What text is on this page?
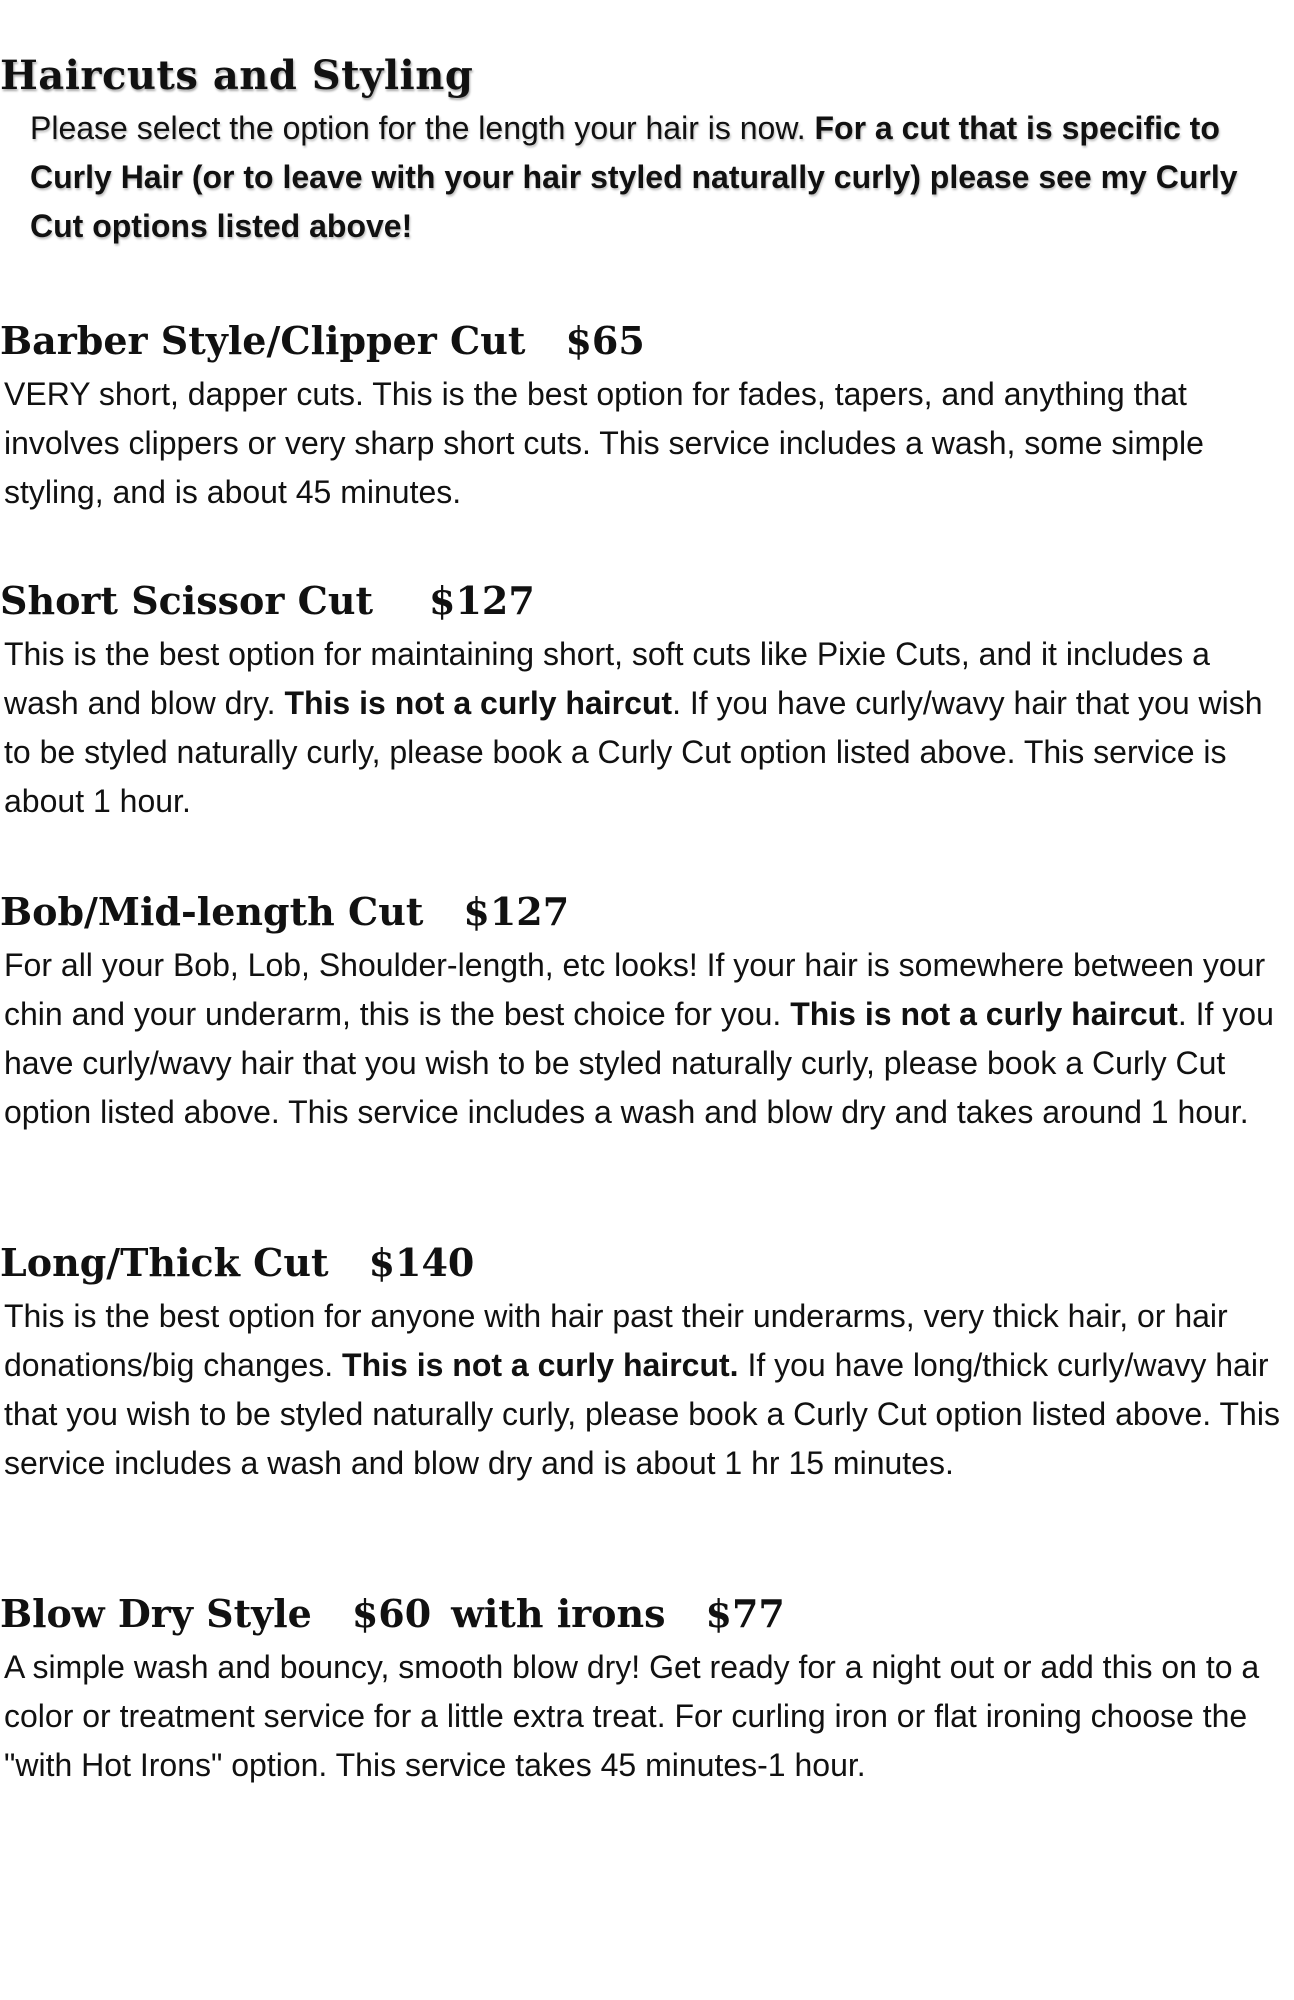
Haircuts and Styling

Please select the option for the length your hair is now. For a cut that is specific to Curly Hair (or to leave with your hair styled naturally curly) please see my Curly Cut options listed above!

Barber Style/Clipper Cut $65

VERY short, dapper cuts. This is the best option for fades, tapers, and anything that involves clippers or very sharp short cuts. This service includes a wash, some simple styling, and is about 45 minutes.

Short Scissor Cut $127

This is the best option for maintaining short, soft cuts like Pixie Cuts, and it includes a wash and blow dry. This is not a curly haircut. If you have curly/wavy hair that you wish to be styled naturally curly, please book a Curly Cut option listed above. This service is about 1 hour.

Bob/Mid-length Cut $127

For all your Bob, Lob, Shoulder-length, etc looks! If your hair is somewhere between your chin and your underarm, this is the best choice for you. This is not a curly haircut. If you have curly/wavy hair that you wish to be styled naturally curly, please book a Curly Cut option listed above. This service includes a wash and blow dry and takes around 1 hour.

Long/Thick Cut $140

This is the best option for anyone with hair past their underarms, very thick hair, or hair donations/big changes. This is not a curly haircut. If you have long/thick curly/wavy hair that you wish to be styled naturally curly, please book a Curly Cut option listed above. This service includes a wash and blow dry and is about 1 hr 15 minutes.

Blow Dry Style $60 with irons $77

A simple wash and bouncy, smooth blow dry! Get ready for a night out or add this on to a color or treatment service for a little extra treat. For curling iron or flat ironing choose the "with Hot Irons" option. This service takes 45 minutes-1 hour.
